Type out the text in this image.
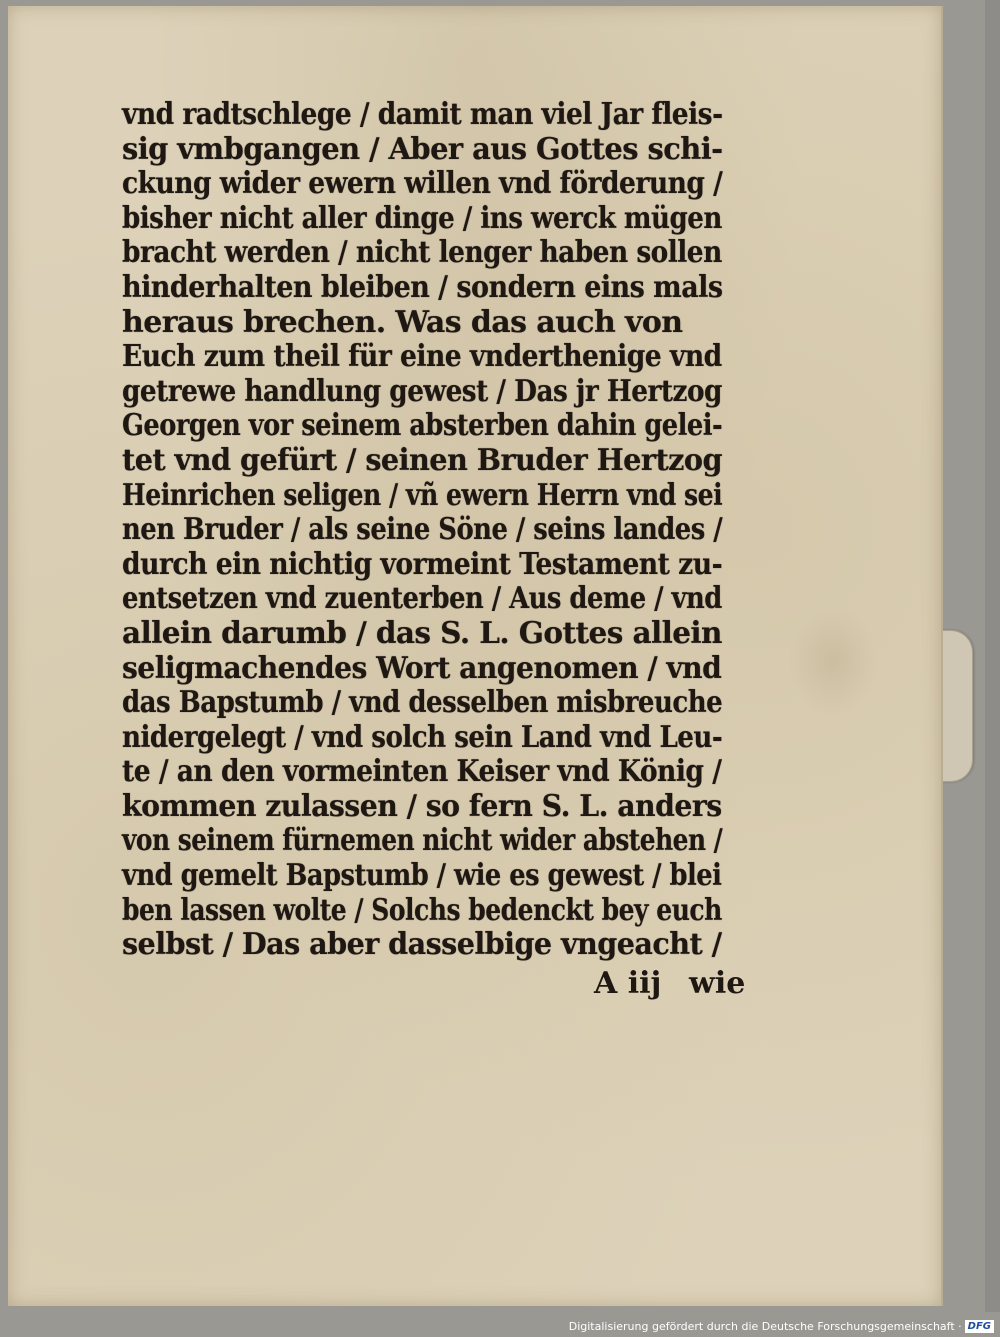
vnd radtschlege / damit man viel Jar fleis-
sig vmbgangen / Aber aus Gottes schi-
ckung wider ewern willen vnd förderung /
bisher nicht aller dinge / ins werck mügen
bracht werden / nicht lenger haben sollen
hinderhalten bleiben / sondern eins mals
heraus brechen. Was das auch von
Euch zum theil für eine vnderthenige vnd
getrewe handlung gewest / Das jr Hertzog
Georgen vor seinem absterben dahin gelei-
tet vnd gefürt / seinen Bruder Hertzog
Heinrichen seligen / vñ ewern Herrn vnd sei
nen Bruder / als seine Söne / seins landes /
durch ein nichtig vormeint Testament zu-
entsetzen vnd zuenterben / Aus deme / vnd
allein darumb / das S. L. Gottes allein
seligmachendes Wort angenomen / vnd
das Bapstumb / vnd desselben misbreuche
nidergelegt / vnd solch sein Land vnd Leu-
te / an den vormeinten Keiser vnd König /
kommen zulassen / so fern S. L. anders
von seinem fürnemen nicht wider abstehen /
vnd gemelt Bapstumb / wie es gewest / blei
ben lassen wolte / Solchs bedenckt bey euch
selbst / Das aber dasselbige vngeacht /
A iij wie
Digitalisierung gefördert durch die Deutsche Forschungsgemeinschaft · DFG
